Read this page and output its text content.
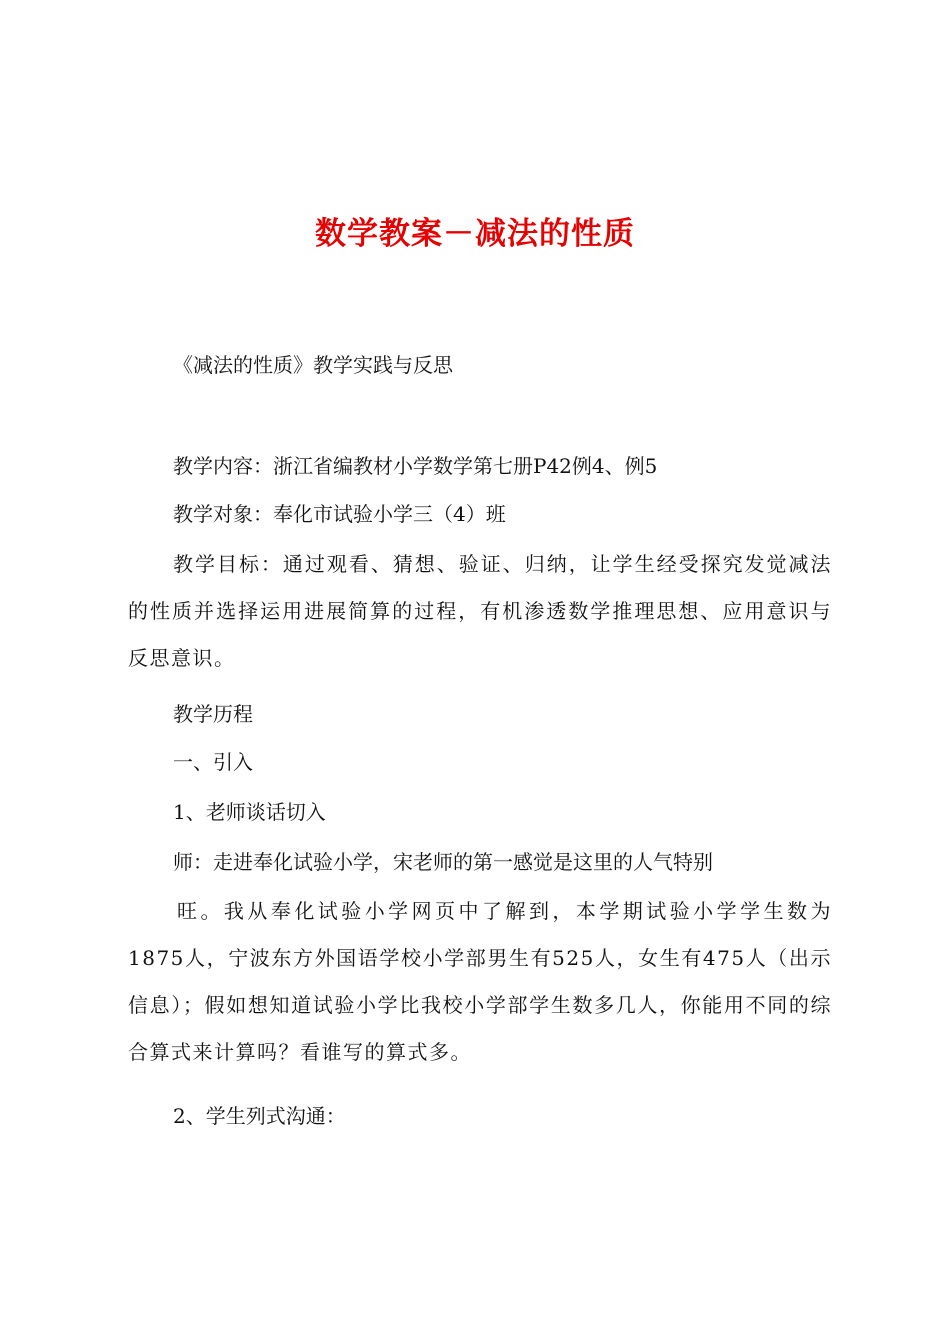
数学教案－减法的性质
《减法的性质》教学实践与反思
教学内容：浙江省编教材小学数学第七册P42例4、例5
教学对象：奉化市试验小学三（4）班
教学目标：通过观看、猜想、验证、归纳，让学生经受探究发觉减法的性质并选择运用进展简算的过程，有机渗透数学推理思想、应用意识与反思意识。
教学历程
一、引入
1、老师谈话切入
师：走进奉化试验小学，宋老师的第一感觉是这里的人气特别
旺。我从奉化试验小学网页中了解到，本学期试验小学学生数为1875人，宁波东方外国语学校小学部男生有525人，女生有475人（出示信息）；假如想知道试验小学比我校小学部学生数多几人，你能用不同的综合算式来计算吗？看谁写的算式多。
2、学生列式沟通：
